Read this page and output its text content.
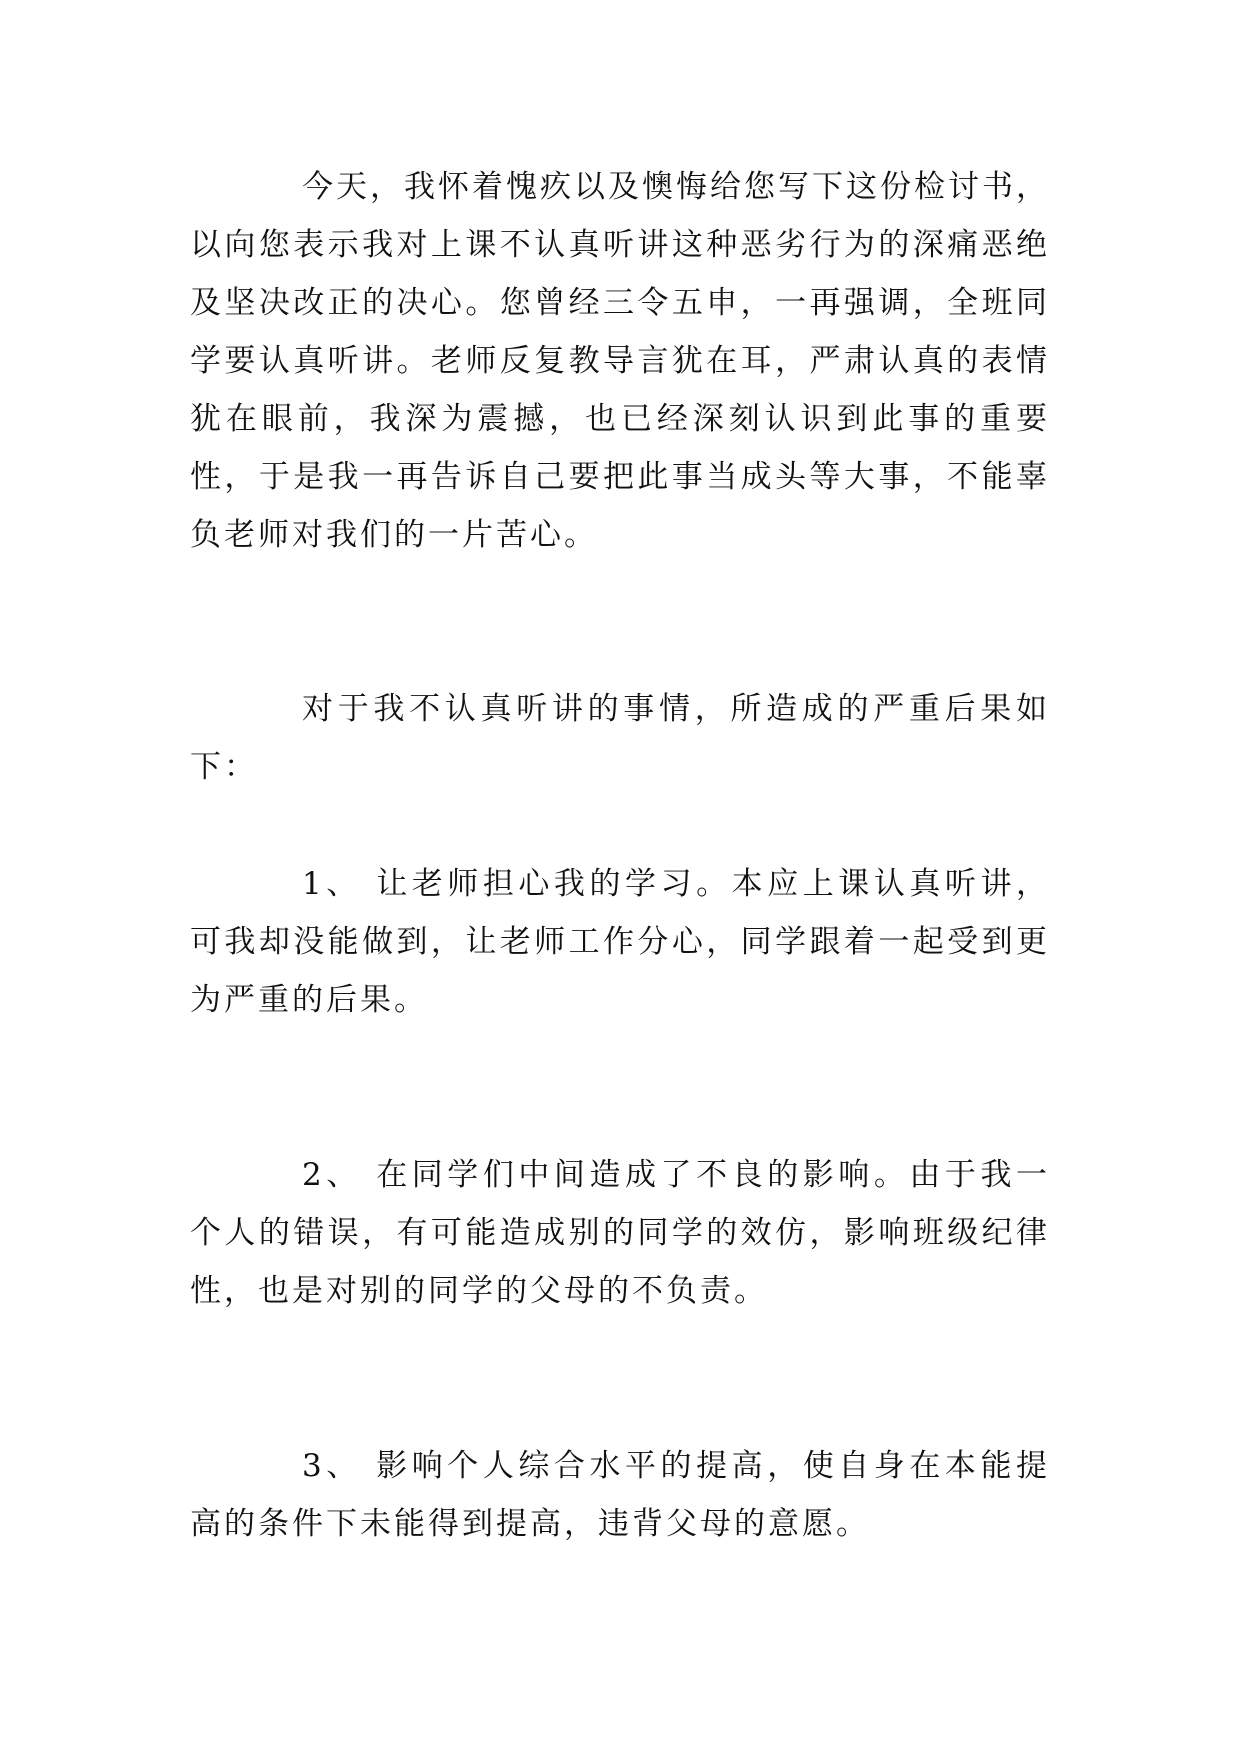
今天，我怀着愧疚以及懊悔给您写下这份检讨书，以向您表示我对上课不认真听讲这种恶劣行为的深痛恶绝及坚决改正的决心。您曾经三令五申，一再强调，全班同学要认真听讲。老师反复教导言犹在耳，严肃认真的表情犹在眼前，我深为震撼，也已经深刻认识到此事的重要性，于是我一再告诉自己要把此事当成头等大事，不能辜负老师对我们的一片苦心。

对于我不认真听讲的事情，所造成的严重后果如下：

1、 让老师担心我的学习。本应上课认真听讲，可我却没能做到，让老师工作分心，同学跟着一起受到更为严重的后果。

2、 在同学们中间造成了不良的影响。由于我一个人的错误，有可能造成别的同学的效仿，影响班级纪律性，也是对别的同学的父母的不负责。

3、 影响个人综合水平的提高，使自身在本能提高的条件下未能得到提高，违背父母的意愿。
